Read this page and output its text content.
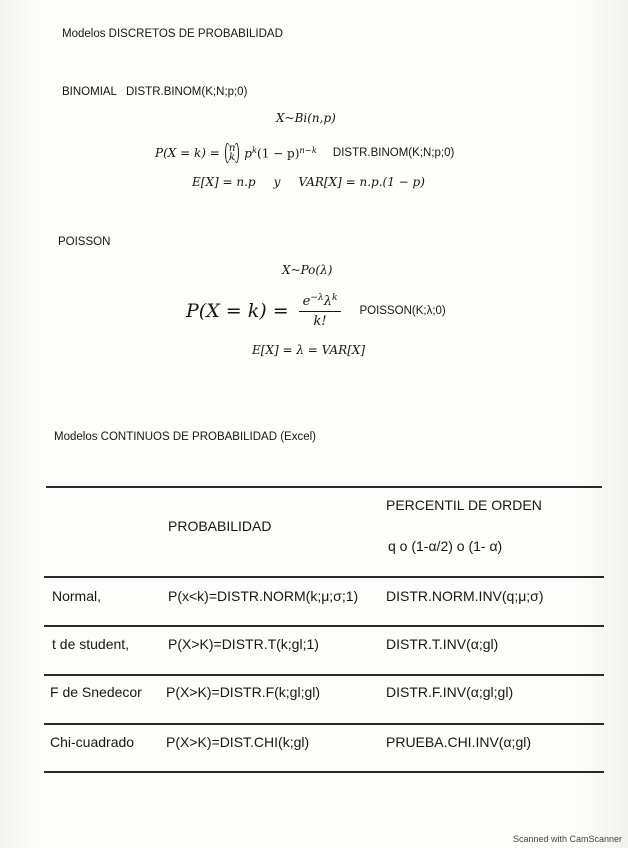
Modelos DISCRETOS DE PROBABILIDAD
BINOMIAL DISTR.BINOM(K;N;p;0)
X~Bi(n,p)
P(X = k) = n
k $p^k(1 - p)^{n-k}$ DISTR.BINOM(K;N;p;0)
E[X] = n.p y VAR[X] = n.p.(1 − p)
POISSON
X~Po(λ)
$P(X = k) = \frac{e^{-\lambda}\lambda^k}{k!}$ POISSON(K;λ;0)
E[X] = λ = VAR[X]
Modelos CONTINUOS DE PROBABILIDAD (Excel)
PROBABILIDAD
PERCENTIL DE ORDEN
q o (1-α/2) o (1- α)
Normal,	P(x<k)=DISTR.NORM(k;μ;σ;1) DISTR.NORM.INV(q;μ;σ)
t de student,	P(X>K)=DISTR.T(k;gl;1)	DISTR.T.INV(α;gl)
F de Snedecor P(X>K)=DISTR.F(k;gl;gl)	DISTR.F.INV(α;gl;gl)
Chi-cuadrado P(X>K)=DIST.CHI(k;gl)	PRUEBA.CHI.INV(α;gl)
Scanned with CamScanner
